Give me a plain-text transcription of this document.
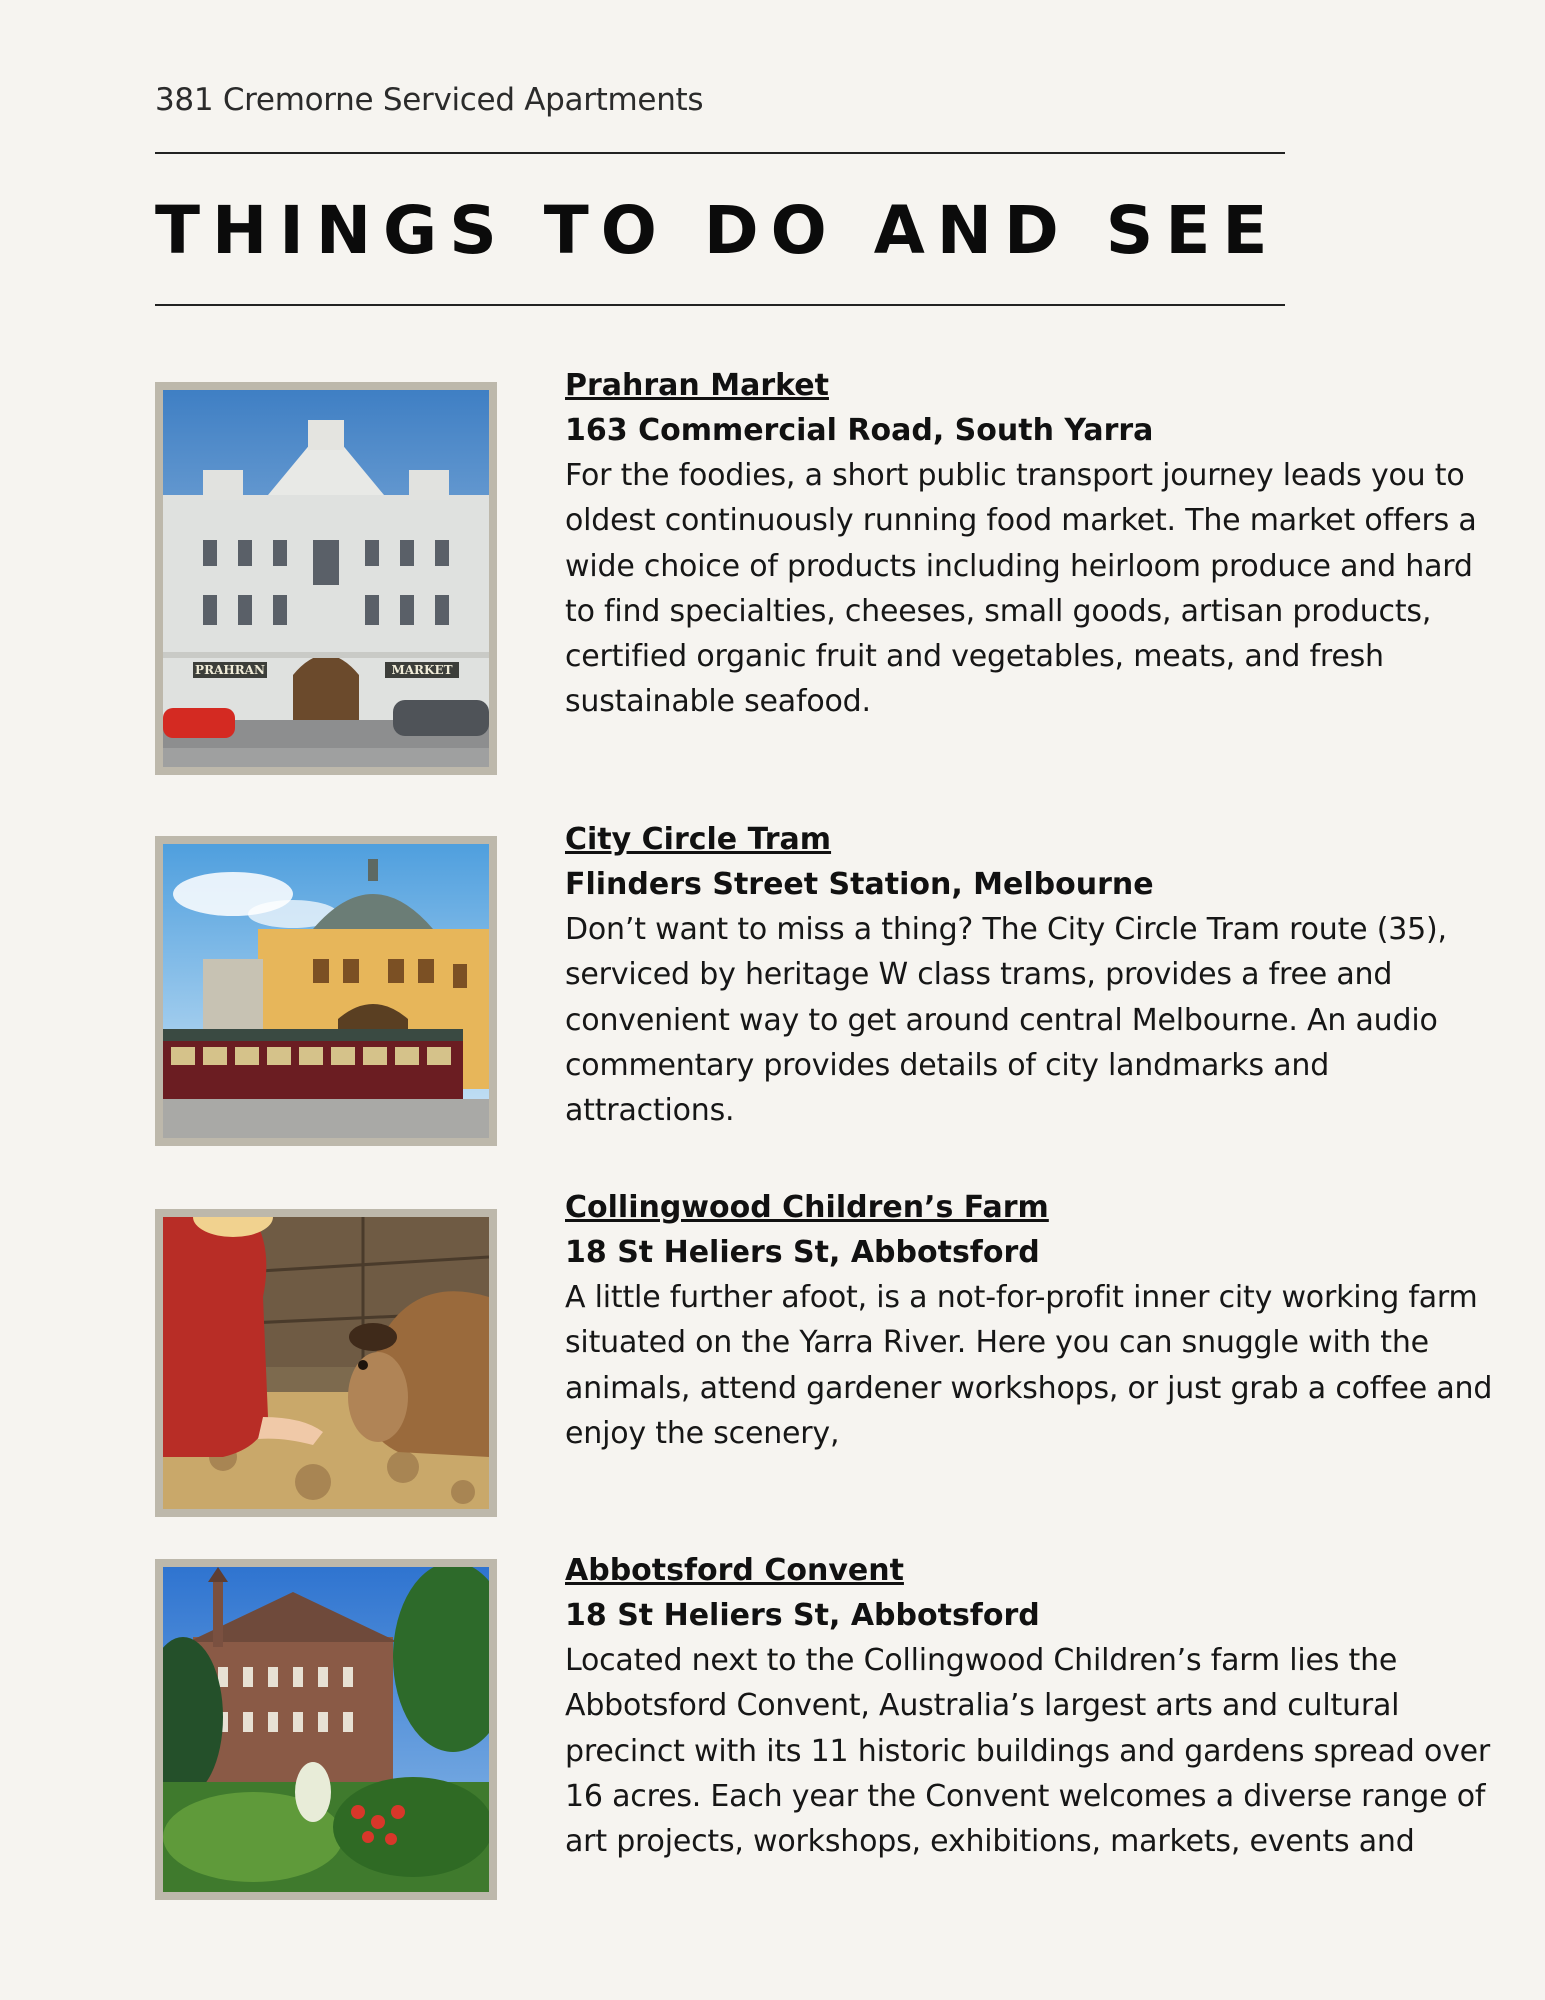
381 Cremorne Serviced Apartments
THINGS TO DO AND SEE
PRAHRAN	MARKET
Prahran Market
163 Commercial Road, South Yarra
For the foodies, a short public transport journey leads you to oldest continuously running food market. The market offers a wide choice of products including heirloom produce and hard to find specialties, cheeses, small goods, artisan products, certified organic fruit and vegetables, meats, and fresh sustainable seafood.
City Circle Tram
Flinders Street Station, Melbourne
Don’t want to miss a thing? The City Circle Tram route (35), serviced by heritage W class trams, provides a free and convenient way to get around central Melbourne. An audio commentary provides details of city landmarks and attractions.
Collingwood Children’s Farm
18 St Heliers St, Abbotsford
A little further afoot, is a not-for-profit inner city working farm situated on the Yarra River. Here you can snuggle with the animals, attend gardener workshops, or just grab a coffee and enjoy the scenery,
Abbotsford Convent
18 St Heliers St, Abbotsford
Located next to the Collingwood Children’s farm lies the Abbotsford Convent, Australia’s largest arts and cultural precinct with its 11 historic buildings and gardens spread over 16 acres. Each year the Convent welcomes a diverse range of art projects, workshops, exhibitions, markets, events and
